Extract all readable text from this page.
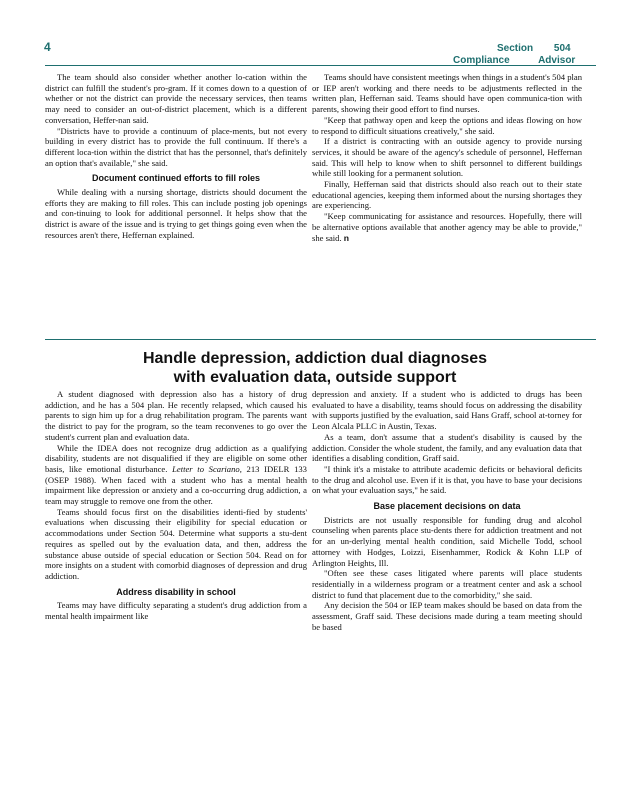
4	Section 504
Compliance Advisor

The team should also consider whether another lo-cation within the district can fulfill the student's pro-gram. If it comes down to a question of whether or not the district can provide the necessary services, then teams may need to consider an out-of-district placement, which is a different conversation, Heffer-nan said.

"Districts have to provide a continuum of place-ments, but not every building in every district has to provide the full continuum. If there's a different loca-tion within the district that has the personnel, that's definitely an option that's available," she said.

Document continued efforts to fill roles

While dealing with a nursing shortage, districts should document the efforts they are making to fill roles. This can include posting job openings and con-tinuing to look for additional personnel. It helps show that the district is aware of the issue and is trying to get things going even when the resources aren't there, Heffernan explained.

Teams should have consistent meetings when things in a student's 504 plan or IEP aren't working and there needs to be adjustments reflected in the written plan, Heffernan said. Teams should have open communica-tion with parents, showing their good effort to find nurses.

"Keep that pathway open and keep the options and ideas flowing on how to respond to difficult situations creatively," she said.

If a district is contracting with an outside agency to provide nursing services, it should be aware of the agency's schedule of personnel, Heffernan said. This will help to know when to shift personnel to different buildings while still looking for a permanent solution.

Finally, Heffernan said that districts should also reach out to their state educational agencies, keeping them informed about the nursing shortages they are experiencing.

"Keep communicating for assistance and resources. Hopefully, there will be alternative options available that another agency may be able to provide," she said. n

Handle depression, addiction dual diagnoses
with evaluation data, outside support

A student diagnosed with depression also has a history of drug addiction, and he has a 504 plan. He recently relapsed, which caused his parents to sign him up for a drug rehabilitation program. The parents want the district to pay for the program, so the team reconvenes to go over the student's current plan and evaluation data.

While the IDEA does not recognize drug addiction as a qualifying disability, students are not disqualified if they are eligible on some other basis, like emotional disturbance. Letter to Scariano, 213 IDELR 133 (OSEP 1988). When faced with a student who has a mental health impairment like depression or anxiety and a co-occurring drug addiction, a team may struggle to remove one from the other.

Teams should focus first on the disabilities identi-fied by students' evaluations when discussing their eligibility for special education or accommodations under Section 504. Determine what supports a stu-dent requires as spelled out by the evaluation data, and then, address the substance abuse outside of special education or Section 504. Read on for more insights on a student with comorbid diagnoses of depression and drug addiction.

Address disability in school

Teams may have difficulty separating a student's drug addiction from a mental health impairment like

depression and anxiety. If a student who is addicted to drugs has been evaluated to have a disability, teams should focus on addressing the disability with supports justified by the evaluation, said Hans Graff, school at-torney for Leon Alcala PLLC in Austin, Texas.

As a team, don't assume that a student's disability is caused by the addiction. Consider the whole student, the family, and any evaluation data that identifies a disabling condition, Graff said.

"I think it's a mistake to attribute academic deficits or behavioral deficits to the drug and alcohol use. Even if it is that, you have to base your decisions on what your evaluation says," he said.

Base placement decisions on data

Districts are not usually responsible for funding drug and alcohol counseling when parents place stu-dents there for addiction treatment and not for an un-derlying mental health condition, said Michelle Todd, school attorney with Hodges, Loizzi, Eisenhammer, Rodick & Kohn LLP of Arlington Heights, Ill.

"Often see these cases litigated where parents will place students residentially in a wilderness program or a treatment center and ask a school district to fund that placement due to the comorbidity," she said.

Any decision the 504 or IEP team makes should be based on data from the assessment, Graff said. These decisions made during a team meeting should be based
